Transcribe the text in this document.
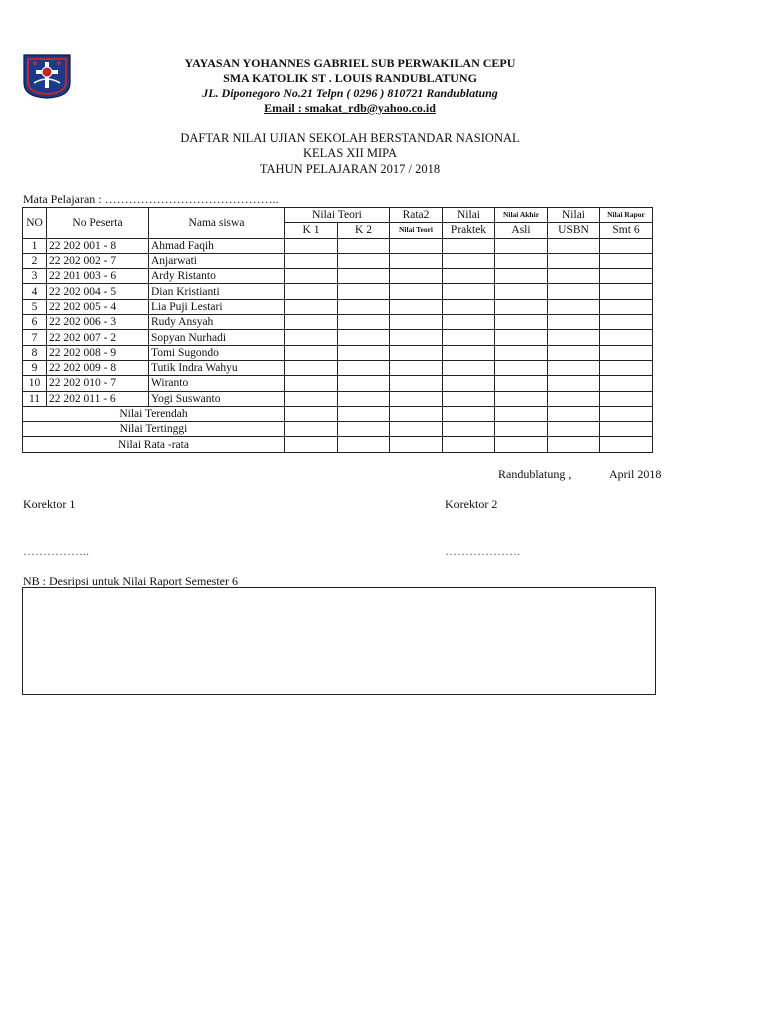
YAYASAN YOHANNES GABRIEL SUB PERWAKILAN CEPU
SMA KATOLIK ST . LOUIS RANDUBLATUNG
JL. Diponegoro No.21 Telpn ( 0296 ) 810721 Randublatung
Email : smakat_rdb@yahoo.co.id
DAFTAR NILAI UJIAN SEKOLAH BERSTANDAR NASIONAL
KELAS XII MIPA
TAHUN PELAJARAN 2017 / 2018
Mata Pelajaran : ……………………………………..
NO	No Peserta	Nama siswa	Nilai Teori		Rata2	Nilai	Nilai Akhir	Nilai	Nilai Rapor
			K 1	K 2	Nilai Teori	Praktek	Asli	USBN	Smt 6
1	22 202 001 - 8	Ahmad Faqih							
2	22 202 002 - 7	Anjarwati							
3	22 201 003 - 6	Ardy Ristanto							
4	22 202 004 - 5	Dian Kristianti							
5	22 202 005 - 4	Lia Puji Lestari							
6	22 202 006 - 3	Rudy Ansyah							
7	22 202 007 - 2	Sopyan Nurhadi							
8	22 202 008 - 9	Tomi Sugondo							
9	22 202 009 - 8	Tutik Indra Wahyu							
10	22 202 010 - 7	Wiranto							
11	22 202 011 - 6	Yogi Suswanto							
Nilai Terendah									
Nilai Tertinggi									
Nilai Rata -rata									
Randublatung ,	April 2018
Korektor 1	Korektor 2
……………..	……………….
NB : Desripsi untuk Nilai Raport Semester 6
